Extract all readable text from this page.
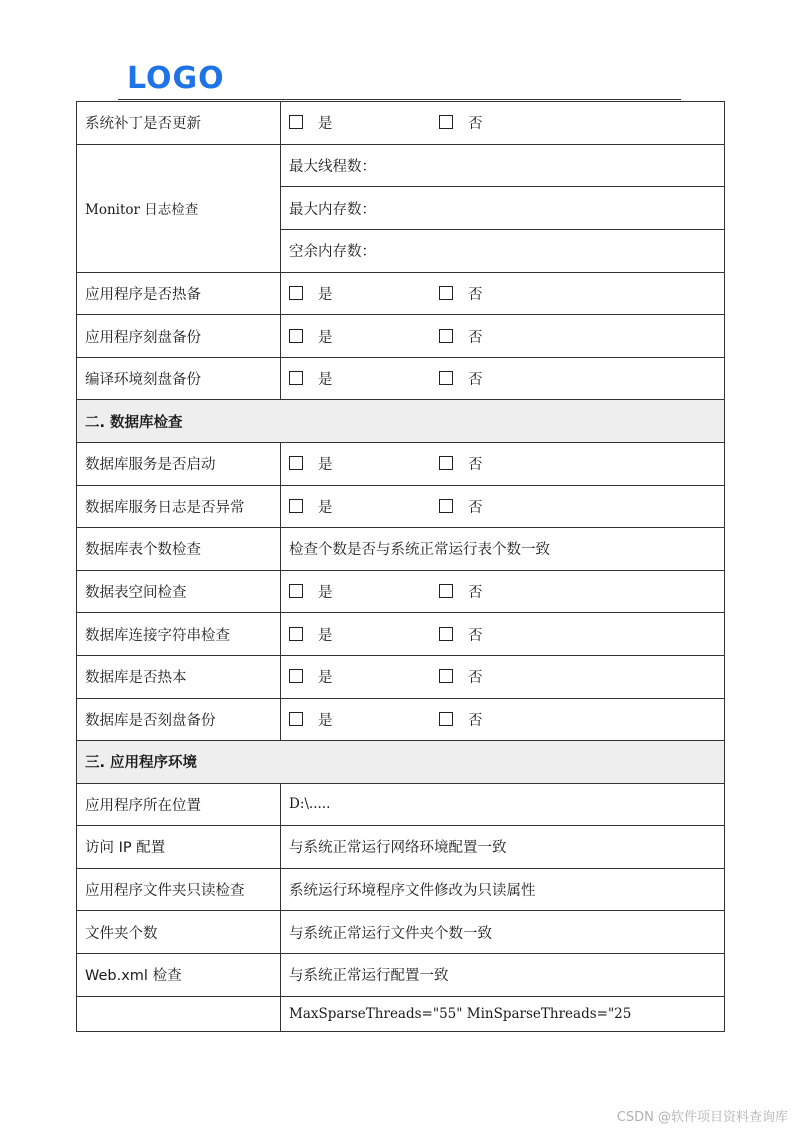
LOGO
系统补丁是否更新	是 否
Monitor 日志检查	最大线程数：
	最大内存数：
	空余内存数：
应用程序是否热备	是 否
应用程序刻盘备份	是 否
编译环境刻盘备份	是 否
二. 数据库检查	
数据库服务是否启动	是 否
数据库服务日志是否异常	是 否
数据库表个数检查	检查个数是否与系统正常运行表个数一致
数据表空间检查	是 否
数据库连接字符串检查	是 否
数据库是否热本	是 否
数据库是否刻盘备份	是 否
三. 应用程序环境	
应用程序所在位置	D:\.....
访问 IP 配置	与系统正常运行网络环境配置一致
应用程序文件夹只读检查	系统运行环境程序文件修改为只读属性
文件夹个数	与系统正常运行文件夹个数一致
Web.xml 检查	与系统正常运行配置一致
	MaxSparseThreads="55" MinSparseThreads="25
CSDN @软件项目资料查询库
